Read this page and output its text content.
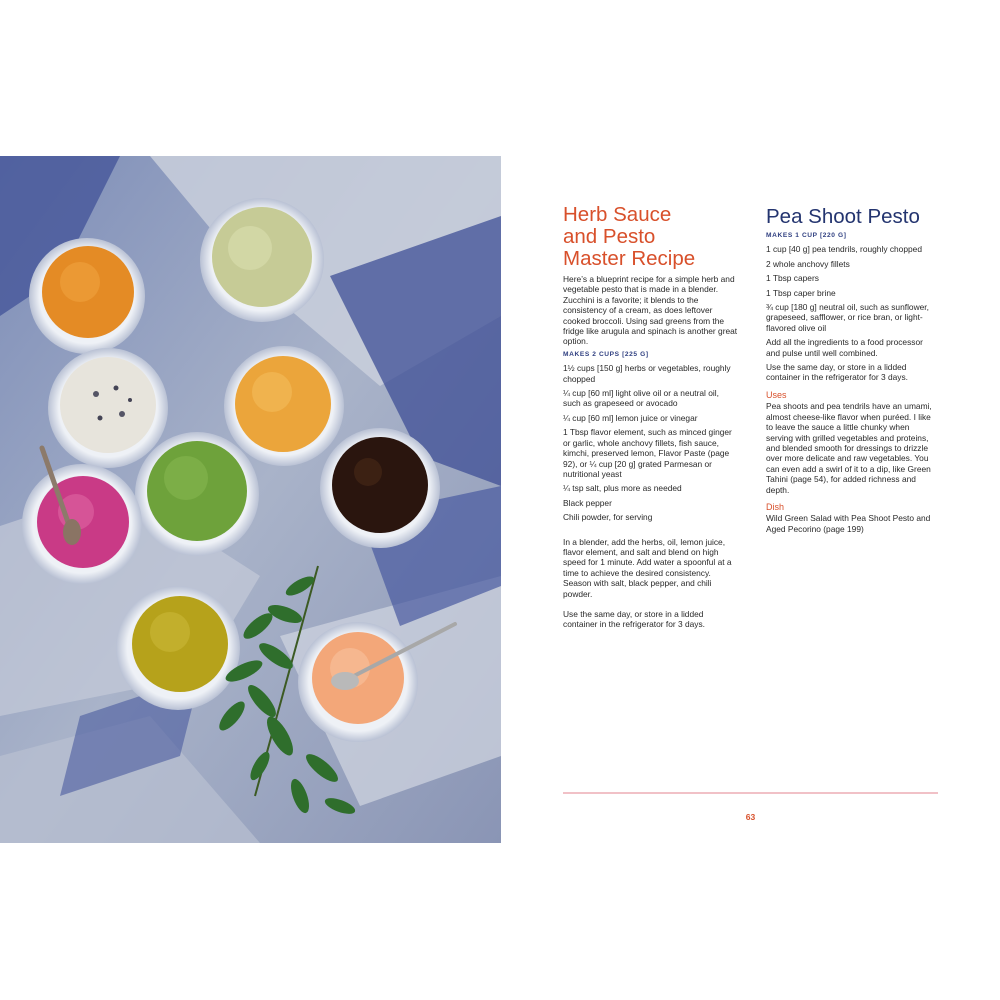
Herb Sauce
and Pesto
Master Recipe

Here’s a blueprint recipe for a simple herb and vegetable pesto that is made in a blender. Zucchini is a favorite; it blends to the consistency of a cream, as does leftover cooked broccoli. Using sad greens from the fridge like arugula and spinach is another great option.

MAKES 2 CUPS [225 G]

1½ cups [150 g] herbs or vegetables, roughly chopped

¼ cup [60 ml] light olive oil or a neutral oil, such as grapeseed or avocado

¼ cup [60 ml] lemon juice or vinegar

1 Tbsp flavor element, such as minced ginger or garlic, whole anchovy fillets, fish sauce, kimchi, preserved lemon, Flavor Paste (page 92), or ¼ cup [20 g] grated Parmesan or nutritional yeast

¼ tsp salt, plus more as needed

Black pepper

Chili powder, for serving

In a blender, add the herbs, oil, lemon juice, flavor element, and salt and blend on high speed for 1 minute. Add water a spoonful at a time to achieve the desired consistency. Season with salt, black pepper, and chili powder.

Use the same day, or store in a lidded container in the refrigerator for 3 days.

Pea Shoot Pesto
MAKES 1 CUP [220 G]

1 cup [40 g] pea tendrils, roughly chopped

2 whole anchovy fillets

1 Tbsp capers

1 Tbsp caper brine

¾ cup [180 g] neutral oil, such as sunflower, grapeseed, safflower, or rice bran, or light-flavored olive oil

Add all the ingredients to a food processor and pulse until well combined.

Use the same day, or store in a lidded container in the refrigerator for 3 days.

Uses

Pea shoots and pea tendrils have an umami, almost cheese-like flavor when puréed. I like to leave the sauce a little chunky when serving with grilled vegetables and proteins, and blended smooth for dressings to drizzle over more delicate and raw vegetables. You can even add a swirl of it to a dip, like Green Tahini (page 54), for added richness and depth.

Dish

Wild Green Salad with Pea Shoot Pesto and Aged Pecorino (page 199)

63
